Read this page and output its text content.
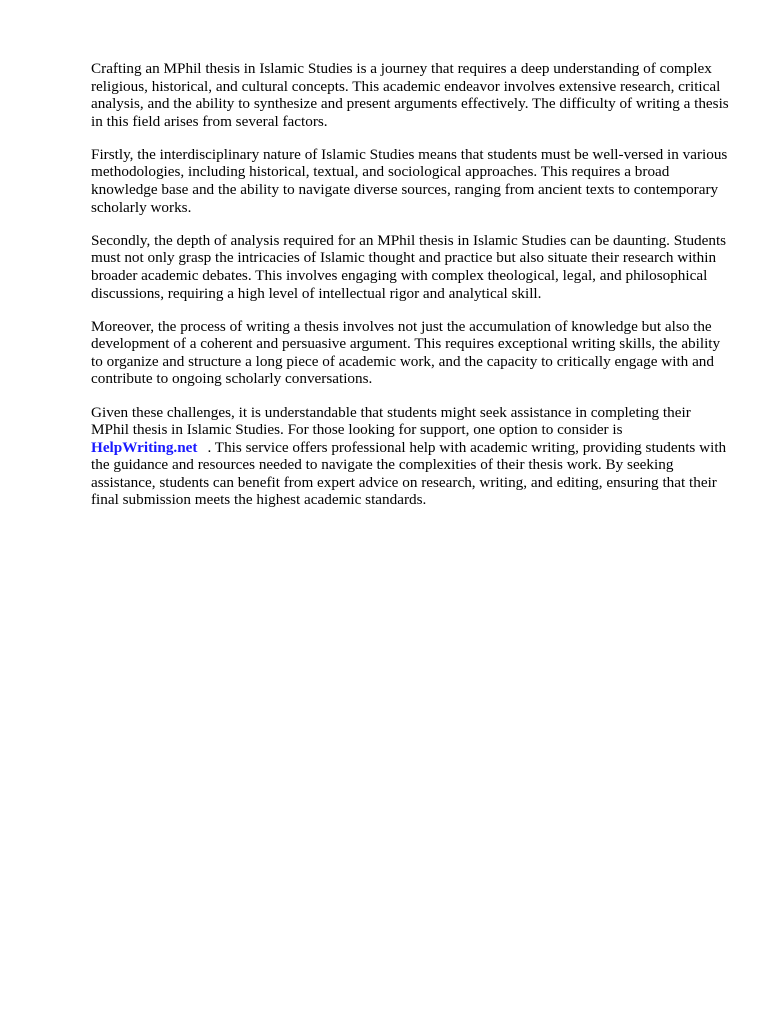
Crafting an MPhil thesis in Islamic Studies is a journey that requires a deep understanding of complex religious, historical, and cultural concepts. This academic endeavor involves extensive research, critical analysis, and the ability to synthesize and present arguments effectively. The difficulty of writing a thesis in this field arises from several factors.

Firstly, the interdisciplinary nature of Islamic Studies means that students must be well-versed in various methodologies, including historical, textual, and sociological approaches. This requires a broad knowledge base and the ability to navigate diverse sources, ranging from ancient texts to contemporary scholarly works.

Secondly, the depth of analysis required for an MPhil thesis in Islamic Studies can be daunting. Students must not only grasp the intricacies of Islamic thought and practice but also situate their research within broader academic debates. This involves engaging with complex theological, legal, and philosophical discussions, requiring a high level of intellectual rigor and analytical skill.

Moreover, the process of writing a thesis involves not just the accumulation of knowledge but also the development of a coherent and persuasive argument. This requires exceptional writing skills, the ability to organize and structure a long piece of academic work, and the capacity to critically engage with and contribute to ongoing scholarly conversations.

Given these challenges, it is understandable that students might seek assistance in completing their MPhil thesis in Islamic Studies. For those looking for support, one option to consider is
HelpWriting.net . This service offers professional help with academic writing, providing students with the guidance and resources needed to navigate the complexities of their thesis work. By seeking assistance, students can benefit from expert advice on research, writing, and editing, ensuring that their final submission meets the highest academic standards.
